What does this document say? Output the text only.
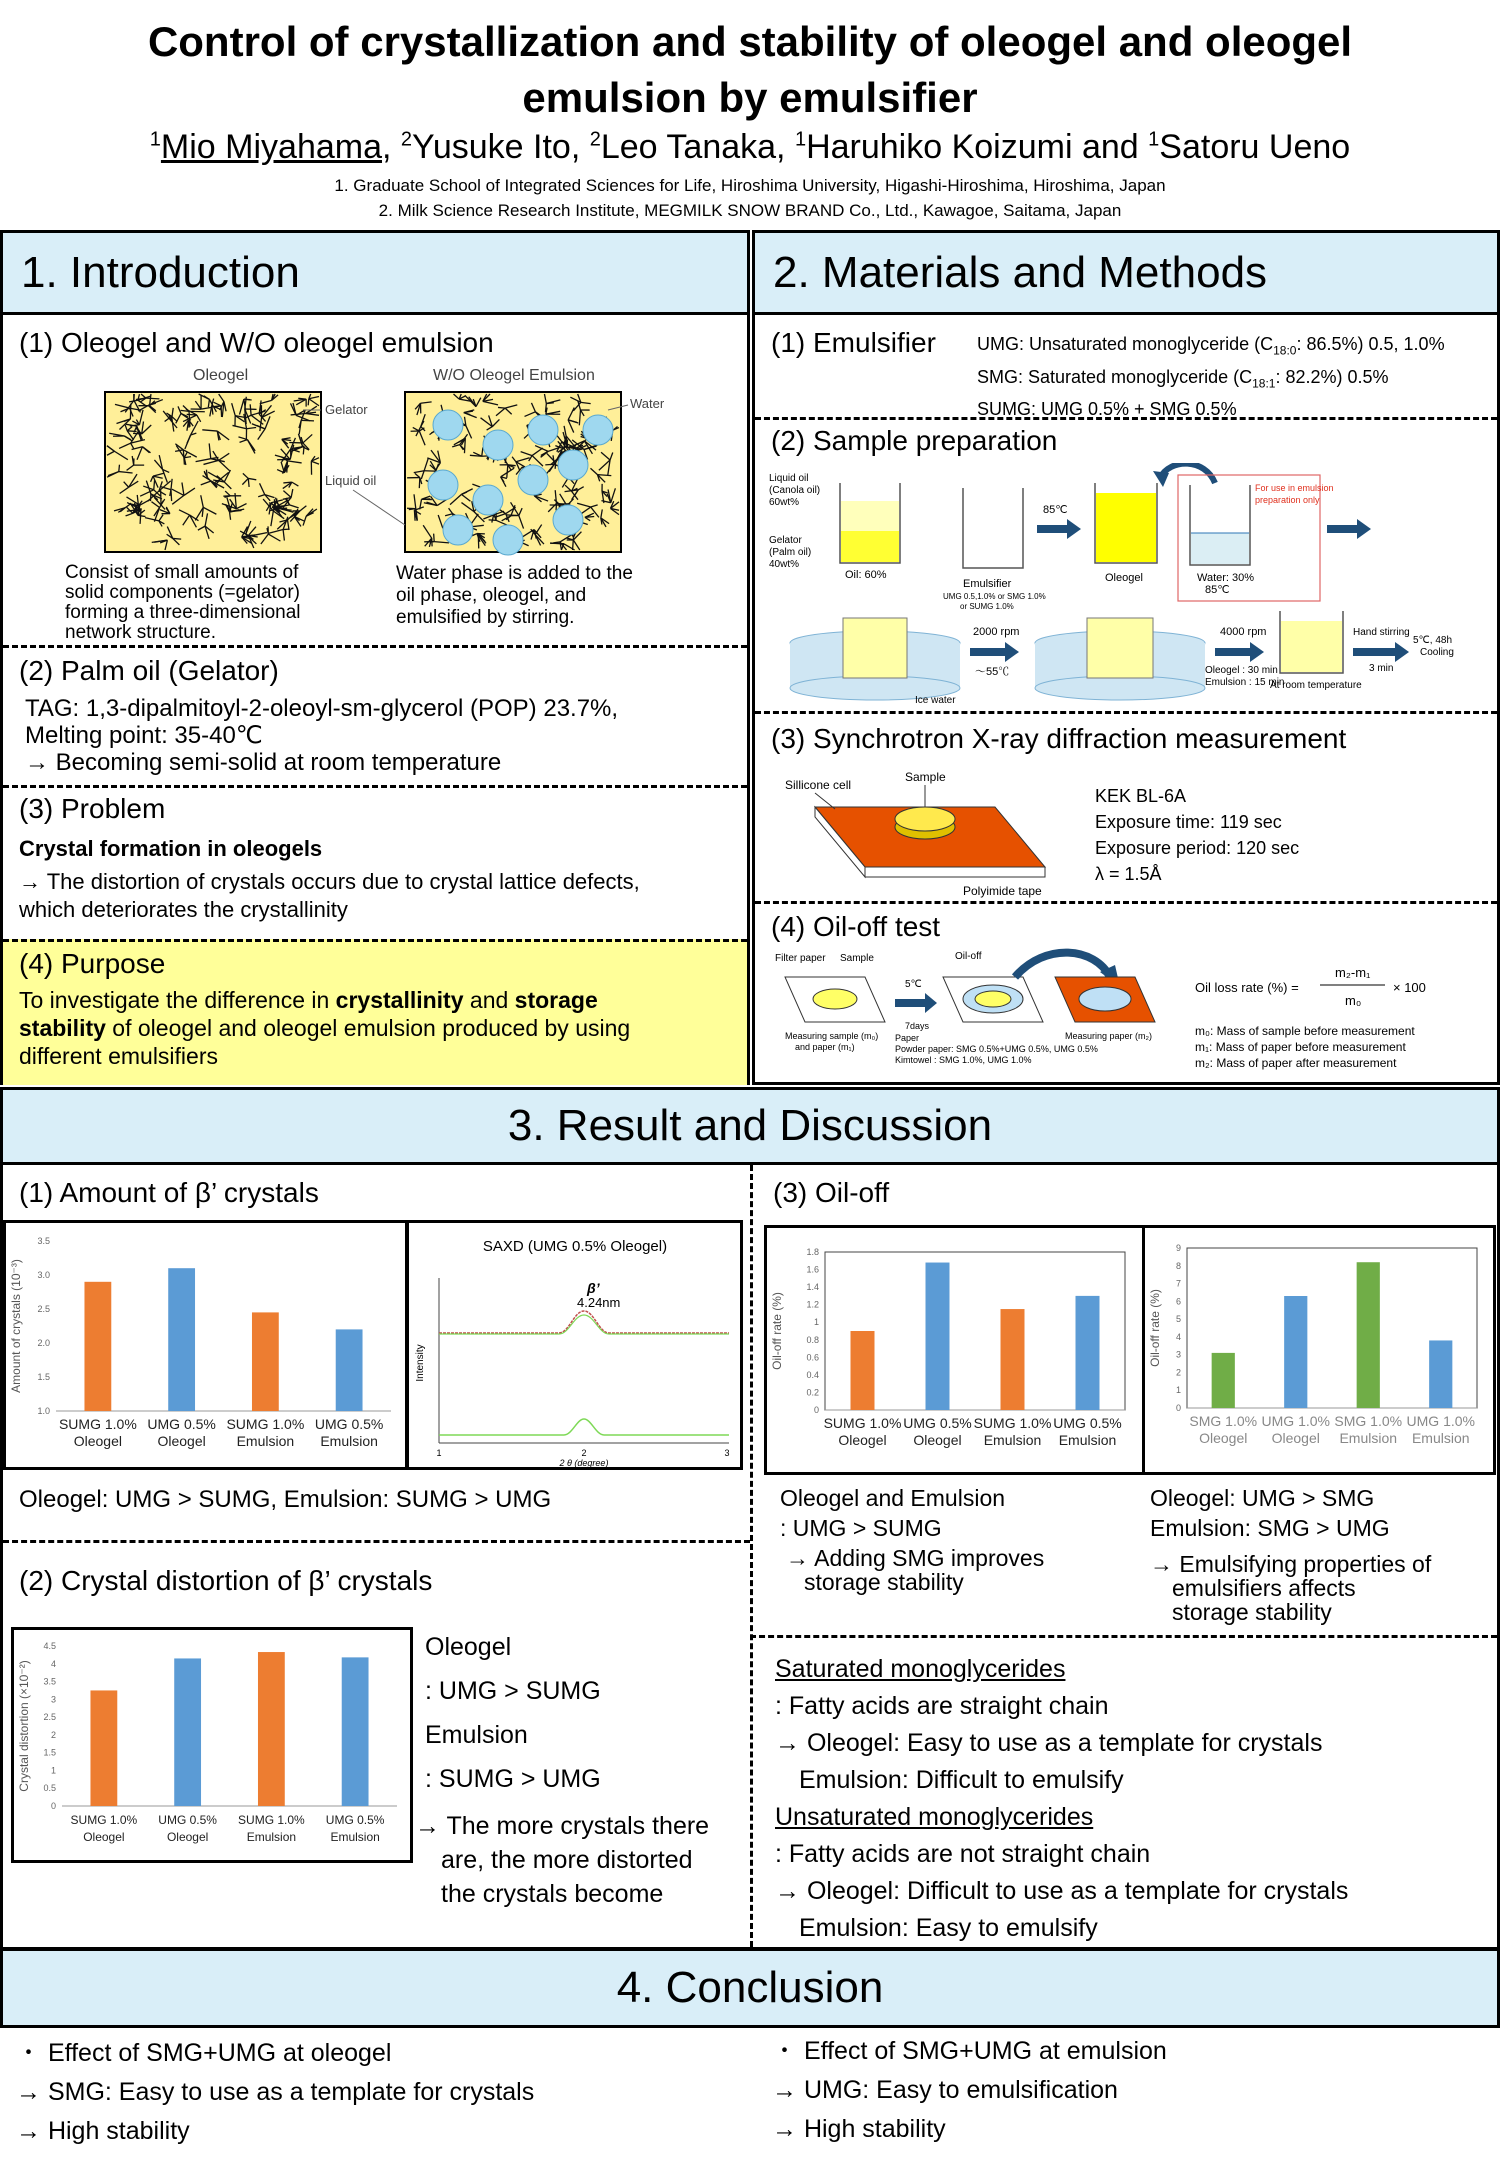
Control of crystallization and stability of oleogel and oleogel
emulsion by emulsifier
$^1$Mio Miyahama, $^2$Yusuke Ito, $^2$Leo Tanaka, $^1$Haruhiko Koizumi and $^1$Satoru Ueno
1. Graduate School of Integrated Sciences for Life, Hiroshima University, Higashi-Hiroshima, Hiroshima, Japan
2. Milk Science Research Institute, MEGMILK SNOW BRAND Co., Ltd., Kawagoe, Saitama, Japan
1. Introduction
(1) Oleogel and W/O oleogel emulsion
Oleogel	W/O Oleogel Emulsion
Gelator
Liquid oil
Water
Consist of small amounts of
solid components (=gelator)
forming a three-dimensional
network structure.
Water phase is added to the
oil phase, oleogel, and
emulsified by stirring.
(2) Palm oil (Gelator)
TAG: 1,3-dipalmitoyl-2-oleoyl-sm-glycerol (POP) 23.7%,
Melting point: 35-40℃
→ Becoming semi-solid at room temperature
(3) Problem
Crystal formation in oleogels
→ The distortion of crystals occurs due to crystal lattice defects,
which deteriorates the crystallinity
(4) Purpose
To investigate the difference in crystallinity and storage
stability of oleogel and oleogel emulsion produced by using
different emulsifiers
2. Materials and Methods
(1) Emulsifier UMG: Unsaturated monoglyceride ($C_{18:0}$: 86.5%) 0.5, 1.0%
SMG: Saturated monoglyceride ($C_{18:1}$: 82.2%) 0.5%
SUMG: UMG 0.5% + SMG 0.5%
(2) Sample preparation
Liquid oil
(Canola oil)
60wt%
Gelator
(Palm oil)
40wt%
Oil: 60%
Emulsifier
UMG 0.5,1.0% or SMG 1.0%
or SUMG 1.0%
85℃
Oleogel	Water: 30%
85℃
For use in emulsion
preparation only
Ice water
2000 rpm
～55℃
4000 rpm
Oleogel : 30 min
Emulsion : 15 min
At room temperature
Hand stirring
3 min
5℃, 48h
Cooling
(3) Synchrotron X-ray diffraction measurement
Sillicone cell
Sample
Polyimide tape
KEK BL-6A
Exposure time: 119 sec
Exposure period: 120 sec
λ = 1.5Å
(4) Oil-off test
Filter paper Sample
Measuring sample (m₀)
and paper (m₁)
5℃
7days
Paper
Powder paper: SMG 0.5%+UMG 0.5%, UMG 0.5%
Kimtowel : SMG 1.0%, UMG 1.0%
Oil-off
Measuring paper (m₂)
Oil loss rate (%) =
m₂-m₁
m₀
× 100
m₀: Mass of sample before measurement
m₁: Mass of paper before measurement
m₂: Mass of paper after measurement
3. Result and Discussion
(1) Amount of β’ crystals
1.0
1.5
2.0
2.5
3.0
3.5
Amount of crystals (10⁻³)
SUMG 1.0%
Oleogel
UMG 0.5%
Oleogel
SUMG 1.0%
Emulsion
UMG 0.5%
Emulsion
SAXD (UMG 0.5% Oleogel)
Intensity
1	2	3
2 θ (degree)
β’
4.24nm
Oleogel: UMG > SUMG, Emulsion: SUMG > UMG
(2) Crystal distortion of β’ crystals
0
0.5
1
1.5
2
2.5
3
3.5
4
4.5
Crystal distortion (×10⁻²)
SUMG 1.0%
Oleogel
UMG 0.5%
Oleogel
SUMG 1.0%
Emulsion
UMG 0.5%
Emulsion
Oleogel
: UMG > SUMG
Emulsion
: SUMG > UMG
→ The more crystals there
are, the more distorted
the crystals become
(3) Oil-off
0
0.2
0.4
0.6
0.8
1
1.2
1.4
1.6
1.8
Oil-off rate (%)
SUMG 1.0%
Oleogel
UMG 0.5%
Oleogel
SUMG 1.0%
Emulsion
UMG 0.5%
Emulsion
0
1
2
3
4
5
6
7
8
9
Oil-off rate (%)
SMG 1.0%
Oleogel
UMG 1.0%
Oleogel
SMG 1.0%
Emulsion
UMG 1.0%
Emulsion
Oleogel and Emulsion
: UMG > SUMG
→ Adding SMG improves
storage stability
Oleogel: UMG > SMG
Emulsion: SMG > UMG
→ Emulsifying properties of
emulsifiers affects
storage stability
Saturated monoglycerides
: Fatty acids are straight chain
→ Oleogel: Easy to use as a template for crystals
Emulsion: Difficult to emulsify
Unsaturated monoglycerides
: Fatty acids are not straight chain
→ Oleogel: Difficult to use as a template for crystals
Emulsion: Easy to emulsify
4. Conclusion
・ Effect of SMG+UMG at oleogel
→ SMG: Easy to use as a template for crystals
→ High stability
・ Effect of SMG+UMG at emulsion
→ UMG: Easy to emulsification
→ High stability
